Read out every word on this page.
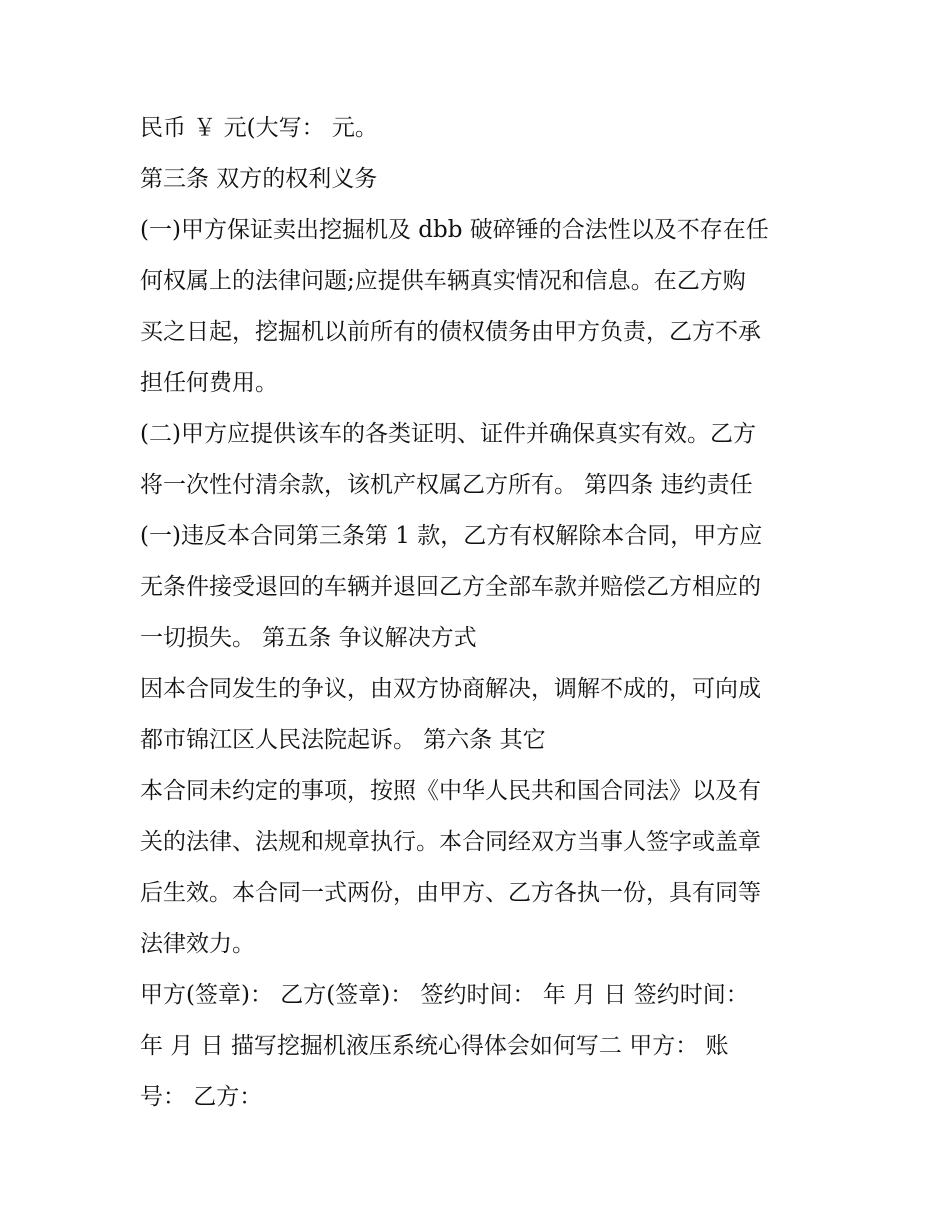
民币 ￥ 元(大写： 元。
第三条 双方的权利义务
(一)甲方保证卖出挖掘机及 dbb 破碎锤的合法性以及不存在任
何权属上的法律问题;应提供车辆真实情况和信息。在乙方购
买之日起，挖掘机以前所有的债权债务由甲方负责，乙方不承
担任何费用。
(二)甲方应提供该车的各类证明、证件并确保真实有效。乙方
将一次性付清余款，该机产权属乙方所有。 第四条 违约责任
(一)违反本合同第三条第 1 款，乙方有权解除本合同，甲方应
无条件接受退回的车辆并退回乙方全部车款并赔偿乙方相应的
一切损失。 第五条 争议解决方式
因本合同发生的争议，由双方协商解决，调解不成的，可向成
都市锦江区人民法院起诉。 第六条 其它
本合同未约定的事项，按照《中华人民共和国合同法》以及有
关的法律、法规和规章执行。本合同经双方当事人签字或盖章
后生效。本合同一式两份，由甲方、乙方各执一份，具有同等
法律效力。
甲方(签章)： 乙方(签章)： 签约时间： 年 月 日 签约时间：
年 月 日 描写挖掘机液压系统心得体会如何写二 甲方： 账
号： 乙方：
